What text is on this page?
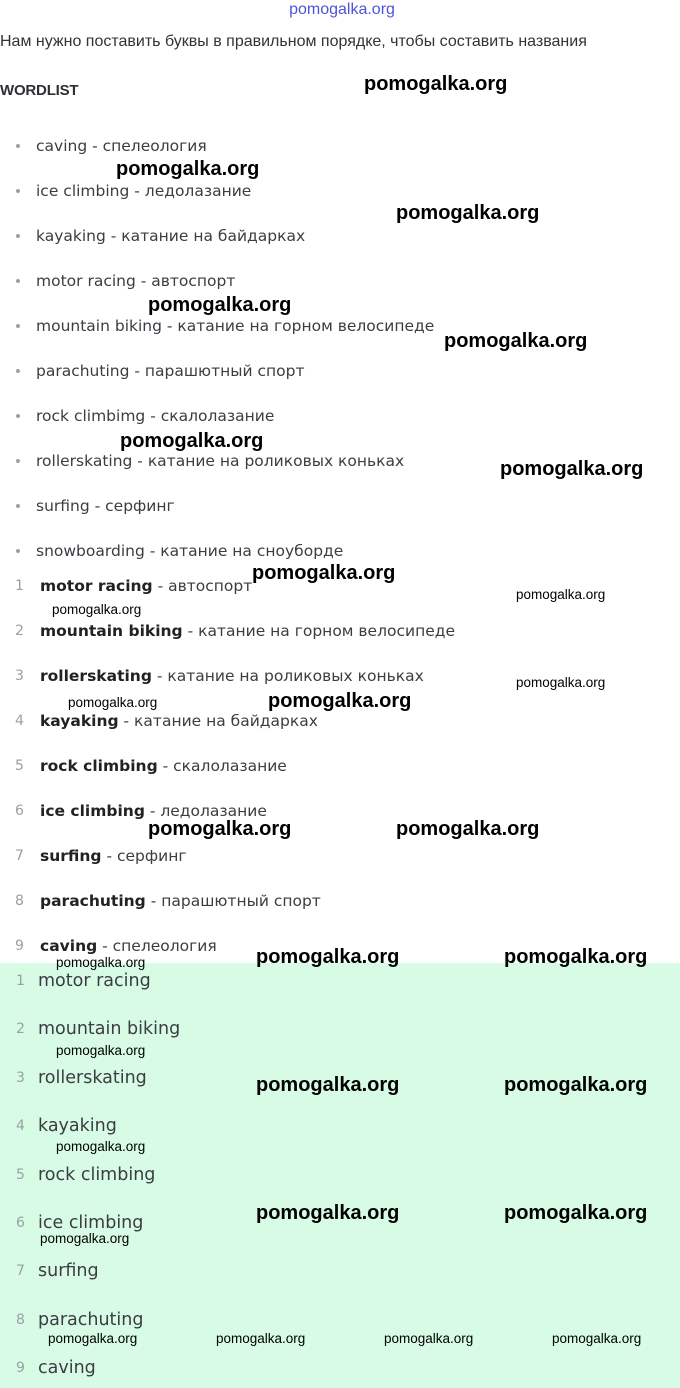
pomogalka.org
Нам нужно поставить буквы в правильном порядке, чтобы составить названия
WORDLIST
caving - спелеология
ice climbing - ледолазание
kayaking - катание на байдарках
motor racing - автоспорт
mountain biking - катание на горном велосипеде
parachuting - парашютный спорт
rock climbimg - скалолазание
rollerskating - катание на роликовых коньках
surfing - серфинг
snowboarding - катание на сноуборде
1 motor racing - автоспорт
2 mountain biking - катание на горном велосипеде
3 rollerskating - катание на роликовых коньках
4 kayaking - катание на байдарках
5 rock climbing - скалолазание
6 ice climbing - ледолазание
7 surfing - серфинг
8 parachuting - парашютный спорт
9 caving - спелеология
1 motor racing
2 mountain biking
3 rollerskating
4 kayaking
5 rock climbing
6 ice climbing
7 surfing
8 parachuting
9 caving
pomogalka.org
pomogalka.org
pomogalka.org
pomogalka.org
pomogalka.org
pomogalka.org
pomogalka.org
pomogalka.org
pomogalka.org
pomogalka.org
pomogalka.org
pomogalka.org	pomogalka.org
pomogalka.org	pomogalka.org
pomogalka.org	pomogalka.org	pomogalka.org
pomogalka.org
pomogalka.org	pomogalka.org
pomogalka.org
pomogalka.org	pomogalka.org
pomogalka.org
pomogalka.org	pomogalka.org	pomogalka.org	pomogalka.org
